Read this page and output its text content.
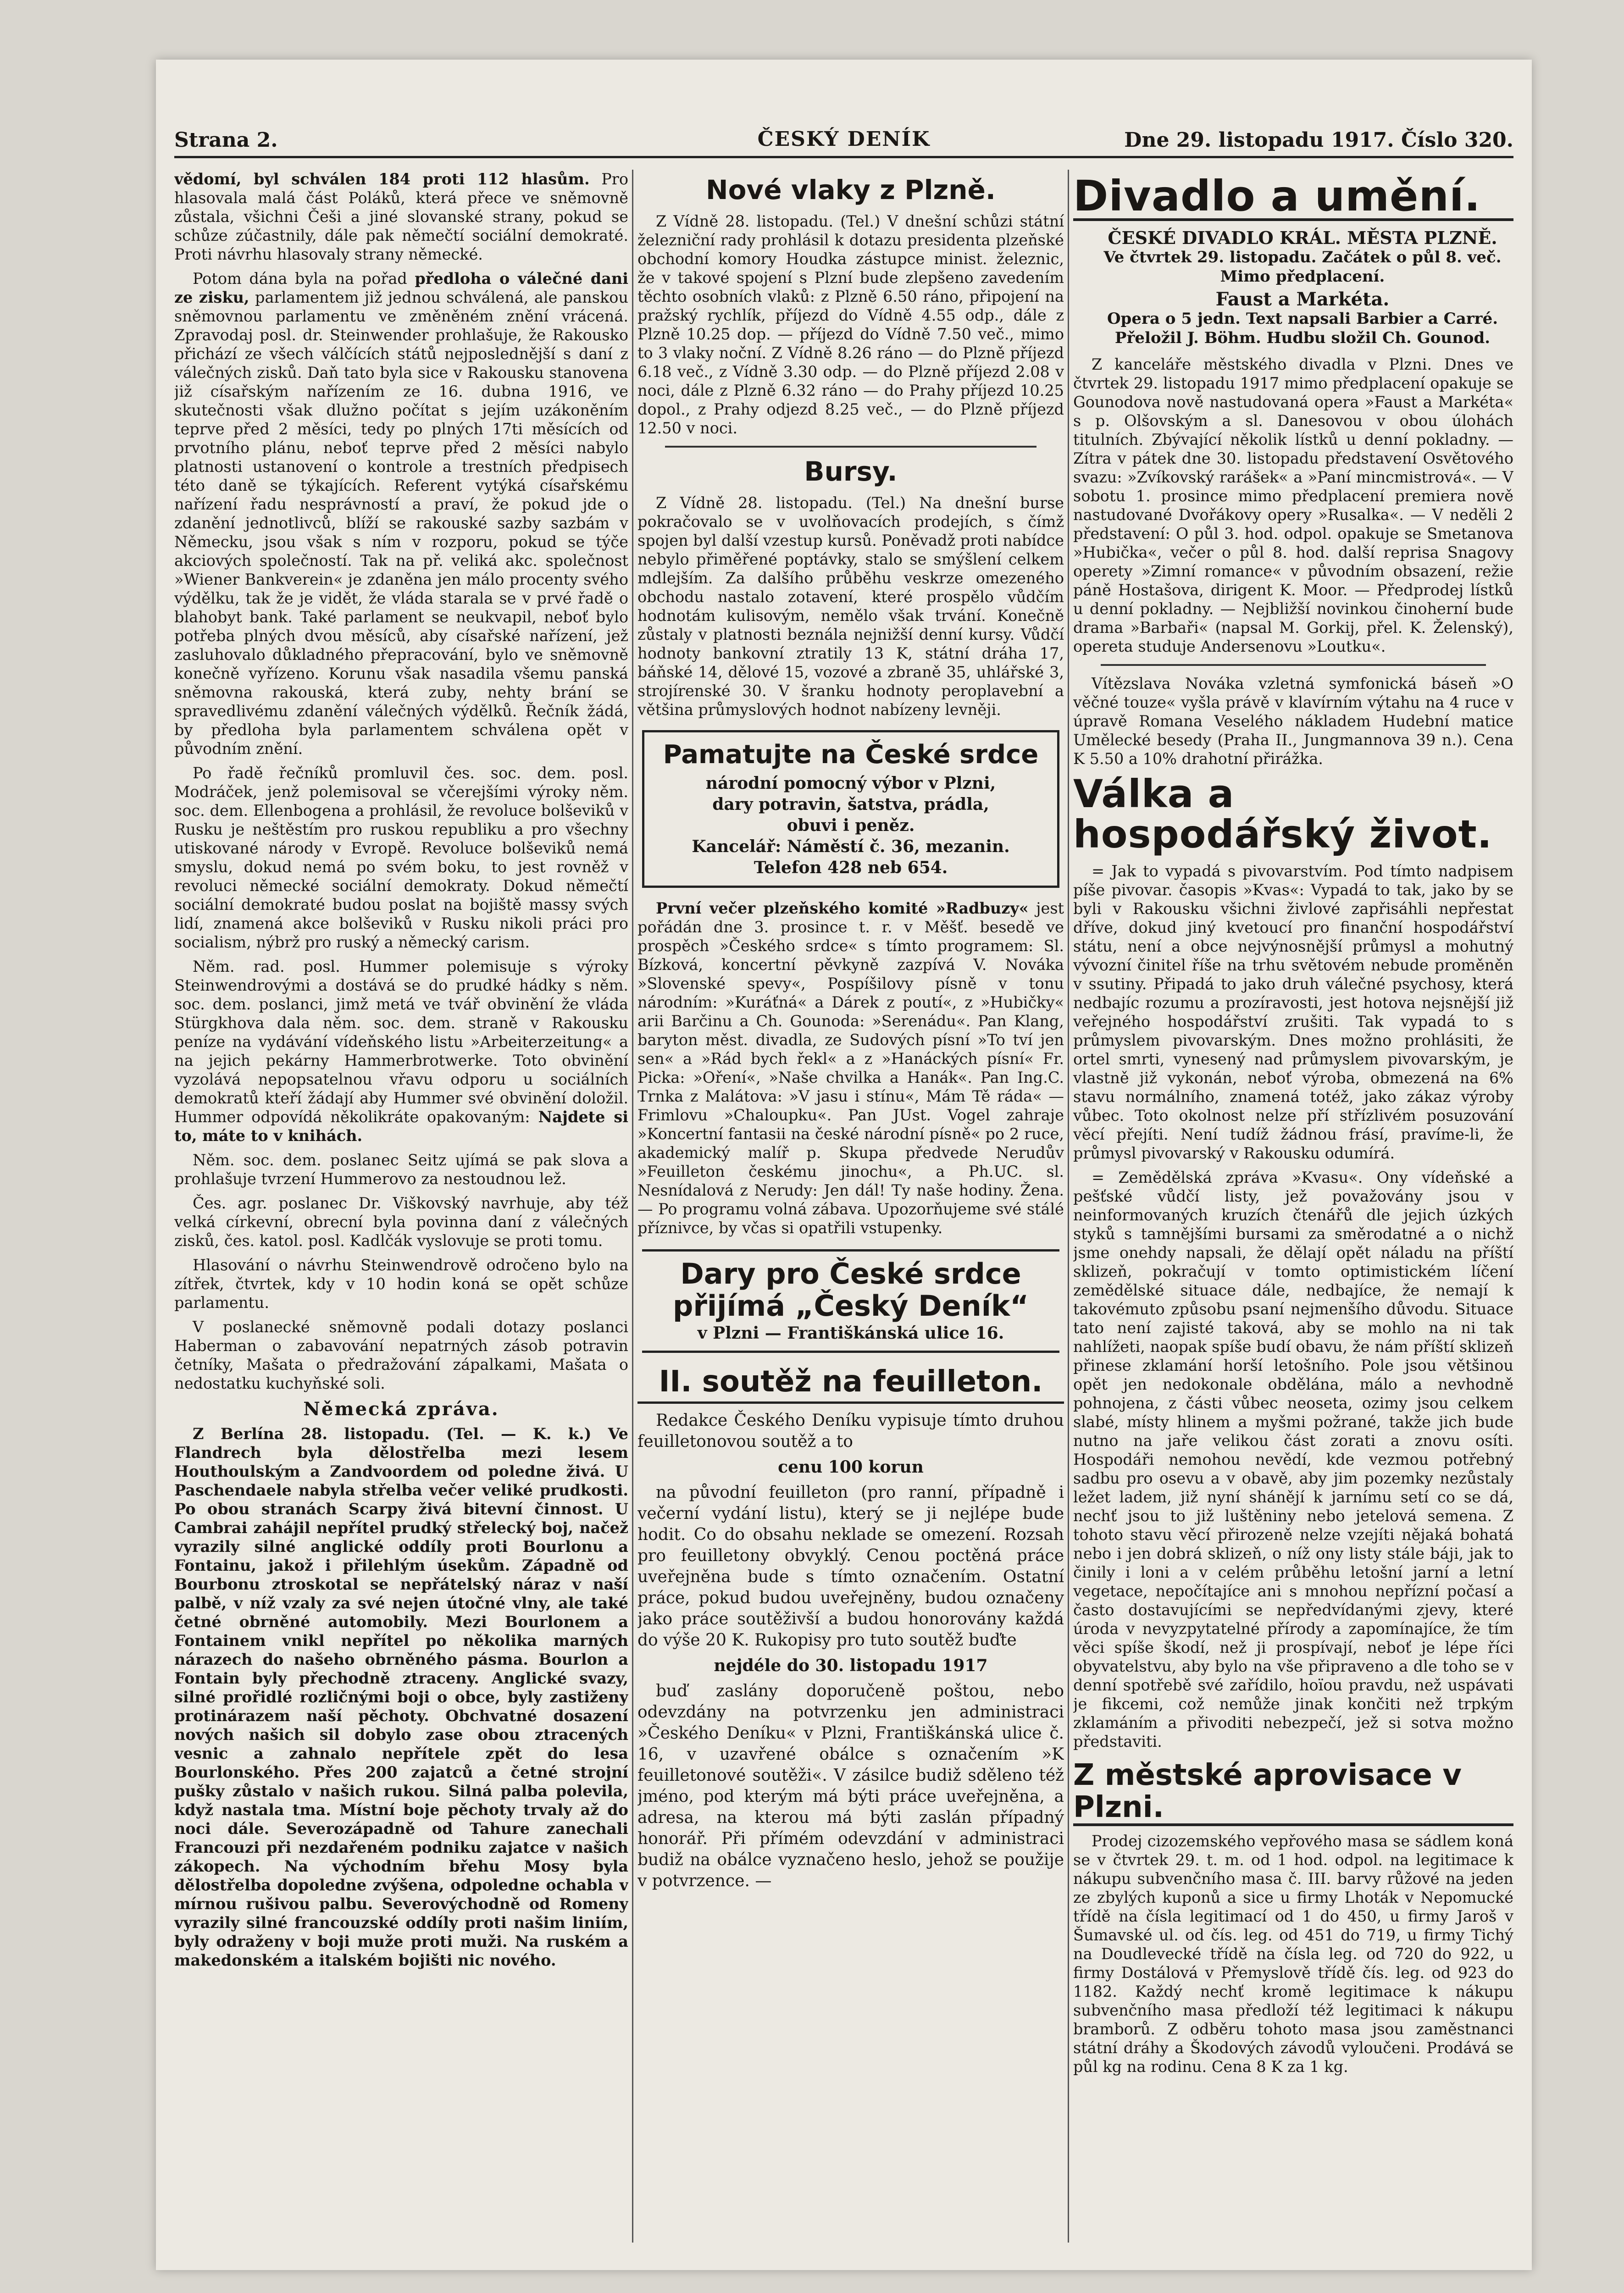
Strana 2.	ČESKÝ DENÍK	Dne 29. listopadu 1917. Číslo 320.

vědomí, byl schválen 184 proti 112 hlasům. Pro hlasovala malá část Poláků, která přece ve sněmovně zůstala, všichni Češi a jiné slovanské strany, pokud se schůze zúčastnily, dále pak němečtí sociální demokraté. Proti návrhu hlasovaly strany německé.

Potom dána byla na pořad předloha o válečné dani ze zisku, parlamentem již jednou schválená, ale panskou sněmovnou parlamentu ve změněném znění vrácená. Zpravodaj posl. dr. Steinwender prohlašuje, že Rakousko přichází ze všech válčících států nejposlednější s daní z válečných zisků. Daň tato byla sice v Rakousku stanovena již císařským nařízením ze 16. dubna 1916, ve skutečnosti však dlužno počítat s jejím uzákoněním teprve před 2 měsíci, tedy po plných 17ti měsících od prvotního plánu, neboť teprve před 2 měsíci nabylo platnosti ustanovení o kontrole a trestních předpisech této daně se týkajících. Referent vytýká císařskému nařízení řadu nesprávností a praví, že pokud jde o zdanění jednotlivců, blíží se rakouské sazby sazbám v Německu, jsou však s ním v rozporu, pokud se týče akciových společností. Tak na př. veliká akc. společnost »Wiener Bankverein« je zdaněna jen málo procenty svého výdělku, tak že je vidět, že vláda starala se v prvé řadě o blahobyt bank. Také parlament se neukvapil, neboť bylo potřeba plných dvou měsíců, aby císařské nařízení, jež zasluhovalo důkladného přepracování, bylo ve sněmovně konečně vyřízeno. Korunu však nasadila všemu panská sněmovna rakouská, která zuby, nehty brání se spravedlivému zdanění válečných výdělků. Řečník žádá, by předloha byla parlamentem schválena opět v původním znění.

Po řadě řečníků promluvil čes. soc. dem. posl. Modráček, jenž polemisoval se včerejšími výroky něm. soc. dem. Ellenbogena a prohlásil, že revoluce bolševiků v Rusku je neštěstím pro ruskou republiku a pro všechny utiskované národy v Evropě. Revoluce bolševiků nemá smyslu, dokud nemá po svém boku, to jest rovněž v revoluci německé sociální demokraty. Dokud němečtí sociální demokraté budou poslat na bojiště massy svých lidí, znamená akce bolševiků v Rusku nikoli práci pro socialism, nýbrž pro ruský a německý carism.

Něm. rad. posl. Hummer polemisuje s výroky Steinwendrovými a dostává se do prudké hádky s něm. soc. dem. poslanci, jimž metá ve tvář obvinění že vláda Stürgkhova dala něm. soc. dem. straně v Rakousku peníze na vydávání vídeňského listu »Arbeiterzeitung« a na jejich pekárny Hammerbrotwerke. Toto obvinění vyzolává nepopsatelnou vřavu odporu u sociálních demokratů kteří žádají aby Hummer své obvinění doložil. Hummer odpovídá několikráte opakovaným: Najdete si to, máte to v knihách.

Něm. soc. dem. poslanec Seitz ujímá se pak slova a prohlašuje tvrzení Hummerovo za nestoudnou lež.

Čes. agr. poslanec Dr. Viškovský navrhuje, aby též velká církevní, obrecní byla povinna daní z válečných zisků, čes. katol. posl. Kadlčák vyslovuje se proti tomu.

Hlasování o návrhu Steinwendrově odročeno bylo na zítřek, čtvrtek, kdy v 10 hodin koná se opět schůze parlamentu.

V poslanecké sněmovně podali dotazy poslanci Haberman o zabavování nepatrných zásob potravin četníky, Mašata o předražování zápalkami, Mašata o nedostatku kuchyňské soli.

Německá zpráva.

Z Berlína 28. listopadu. (Tel. — K. k.) Ve Flandrech byla dělostřelba mezi lesem Houthoulským a Zandvoordem od poledne živá. U Paschendaele nabyla střelba večer veliké prudkosti. Po obou stranách Scarpy živá bitevní činnost. U Cambrai zahájil nepřítel prudký střelecký boj, načež vyrazily silné anglické oddíly proti Bourlonu a Fontainu, jakož i přilehlým úsekům. Západně od Bourbonu ztroskotal se nepřátelský náraz v naší palbě, v níž vzaly za své nejen útočné vlny, ale také četné obrněné automobily. Mezi Bourlonem a Fontainem vnikl nepřítel po několika marných nárazech do našeho obrněného pásma. Bourlon a Fontain byly přechodně ztraceny. Anglické svazy, silné prořidlé rozličnými boji o obce, byly zastiženy protinárazem naší pěchoty. Obchvatné dosazení nových našich sil dobylo zase obou ztracených vesnic a zahnalo nepřítele zpět do lesa Bourlonského. Přes 200 zajatců a četné strojní pušky zůstalo v našich rukou. Silná palba polevila, když nastala tma. Místní boje pěchoty trvaly až do noci dále. Severozápadně od Tahure zanechali Francouzi při nezdařeném podniku zajatce v našich zákopech. Na východním břehu Mosy byla dělostřelba dopoledne zvýšena, odpoledne ochabla v mírnou rušivou palbu. Severovýchodně od Romeny vyrazily silné francouzské oddíly proti našim liniím, byly odraženy v boji muže proti muži. Na ruském a makedonském a italském bojišti nic nového.

Nové vlaky z Plzně.

Z Vídně 28. listopadu. (Tel.) V dnešní schůzi státní železniční rady prohlásil k dotazu presidenta plzeňské obchodní komory Houdka zástupce minist. železnic, že v takové spojení s Plzní bude zlepšeno zavedením těchto osobních vlaků: z Plzně 6.50 ráno, připojení na pražský rychlík, příjezd do Vídně 4.55 odp., dále z Plzně 10.25 dop. — příjezd do Vídně 7.50 več., mimo to 3 vlaky noční. Z Vídně 8.26 ráno — do Plzně příjezd 6.18 več., z Vídně 3.30 odp. — do Plzně příjezd 2.08 v noci, dále z Plzně 6.32 ráno — do Prahy příjezd 10.25 dopol., z Prahy odjezd 8.25 več., — do Plzně příjezd 12.50 v noci.

Bursy.

Z Vídně 28. listopadu. (Tel.) Na dnešní burse pokračovalo se v uvolňovacích prodejích, s čímž spojen byl další vzestup kursů. Poněvadž proti nabídce nebylo přiměřené poptávky, stalo se smýšlení celkem mdlejším. Za dalšího průběhu veskrze omezeného obchodu nastalo zotavení, které prospělo vůdčím hodnotám kulisovým, nemělo však trvání. Konečně zůstaly v platnosti beznála nejnižší denní kursy. Vůdčí hodnoty bankovní ztratily 13 K, státní dráha 17, báňské 14, dělové 15, vozové a zbraně 35, uhlářské 3, strojírenské 30. V šranku hodnoty peroplavební a většina průmyslových hodnot nabízeny levněji.

Pamatujte na České srdce
národní pomocný výbor v Plzni,
dary potravin, šatstva, prádla,
obuvi i peněz.
Kancelář: Náměstí č. 36, mezanin.
Telefon 428 neb 654.

První večer plzeňského komité »Radbuzy« jest pořádán dne 3. prosince t. r. v Měšť. besedě ve prospěch »Českého srdce« s tímto programem: Sl. Bízková, koncertní pěvkyně zazpívá V. Nováka »Slovenské spevy«, Pospíšilovy písně v tonu národním: »Kuráťná« a Dárek z poutí«, z »Hubičky« arii Barčinu a Ch. Gounoda: »Serenádu«. Pan Klang, baryton měst. divadla, ze Sudových písní »To tví jen sen« a »Rád bych řekl« a z »Hanáckých písní« Fr. Picka: »Oření«, »Naše chvilka a Hanák«. Pan Ing.C. Trnka z Malátova: »V jasu i stínu«, Mám Tě ráda« — Frimlovu »Chaloupku«. Pan JUst. Vogel zahraje »Koncertní fantasii na české národní písně« po 2 ruce, akademický malíř p. Skupa předvede Nerudův »Feuilleton českému jinochu«, a Ph.UC. sl. Nesnídalová z Nerudy: Jen dál! Ty naše hodiny. Žena. — Po programu volná zábava. Upozorňujeme své stálé příznivce, by včas si opatřili vstupenky.

Dary pro České srdce
přijímá „Český Deník“
v Plzni — Františkánská ulice 16.
II. soutěž na feuilleton.

Redakce Českého Deníku vypisuje tímto druhou feuilletonovou soutěž a to

cenu 100 korun

na původní feuilleton (pro ranní, případně i večerní vydání listu), který se ji nejlépe bude hodit. Co do obsahu neklade se omezení. Rozsah pro feuilletony obvyklý. Cenou poctěná práce uveřejněna bude s tímto označením. Ostatní práce, pokud budou uveřejněny, budou označeny jako práce soutěživší a budou honorovány každá do výše 20 K. Rukopisy pro tuto soutěž buďte

nejdéle do 30. listopadu 1917

buď zaslány doporučeně poštou, nebo odevzdány na potvrzenku jen administraci »Českého Deníku« v Plzni, Františkánská ulice č. 16, v uzavřené obálce s označením »K feuilletonové soutěži«. V zásilce budiž sděleno též jméno, pod kterým má býti práce uveřejněna, a adresa, na kterou má býti zaslán případný honorář. Při přímém odevzdání v administraci budiž na obálce vyznačeno heslo, jehož se použije v potvrzence. —

Divadlo a umění.

ČESKÉ DIVADLO KRÁL. MĚSTA PLZNĚ.

Ve čtvrtek 29. listopadu. Začátek o půl 8. več.

Mimo předplacení.

Faust a Markéta.

Opera o 5 jedn. Text napsali Barbier a Carré.

Přeložil J. Böhm. Hudbu složil Ch. Gounod.

Z kanceláře městského divadla v Plzni. Dnes ve čtvrtek 29. listopadu 1917 mimo předplacení opakuje se Gounodova nově nastudovaná opera »Faust a Markéta« s p. Olšovským a sl. Danesovou v obou úlohách titulních. Zbývající několik lístků u denní pokladny. — Zítra v pátek dne 30. listopadu představení Osvětového svazu: »Zvíkovský rarášek« a »Paní mincmistrová«. — V sobotu 1. prosince mimo předplacení premiera nově nastudované Dvořákovy opery »Rusalka«. — V neděli 2 představení: O půl 3. hod. odpol. opakuje se Smetanova »Hubička«, večer o půl 8. hod. další reprisa Snagovy operety »Zimní romance« v původním obsazení, režie páně Hostašova, dirigent K. Moor. — Předprodej lístků u denní pokladny. — Nejbližší novinkou činoherní bude drama »Barbaři« (napsal M. Gorkij, přel. K. Želenský), opereta studuje Andersenovu »Loutku«.

Vítězslava Nováka vzletná symfonická báseň »O věčné touze« vyšla právě v klavírním výtahu na 4 ruce v úpravě Romana Veselého nákladem Hudební matice Umělecké besedy (Praha II., Jungmannova 39 n.). Cena K 5.50 a 10% drahotní přirážka.

Válka a hospodářský život.

= Jak to vypadá s pivovarstvím. Pod tímto nadpisem píše pivovar. časopis »Kvas«: Vypadá to tak, jako by se byli v Rakousku všichni živlové zapřisáhli nepřestat dříve, dokud jiný kvetoucí pro finanční hospodářství státu, není a obce nejvýnosnější průmysl a mohutný vývozní činitel říše na trhu světovém nebude proměněn v ssutiny. Připadá to jako druh válečné psychosy, která nedbajíc rozumu a prozíravosti, jest hotova nejsnější již veřejného hospodářství zrušiti. Tak vypadá to s průmyslem pivovarským. Dnes možno prohlásiti, že ortel smrti, vynesený nad průmyslem pivovarským, je vlastně již vykonán, neboť výroba, obmezená na 6% stavu normálního, znamená totéž, jako zákaz výroby vůbec. Toto okolnost nelze pří střízlivém posuzování věcí přejíti. Není tudíž žádnou frásí, pravíme-li, že průmysl pivovarský v Rakousku odumírá.

= Zemědělská zpráva »Kvasu«. Ony vídeňské a pešťské vůdčí listy, jež považovány jsou v neinformovaných kruzích čtenářů dle jejich úzkých styků s tamnějšími bursami za směrodatné a o nichž jsme onehdy napsali, že dělají opět náladu na příští sklizeň, pokračují v tomto optimistickém líčení zemědělské situace dále, nedbajíce, že nemají k takovémuto způsobu psaní nejmenšího důvodu. Situace tato není zajisté taková, aby se mohlo na ni tak nahlížeti, naopak spíše budí obavu, že nám příští sklizeň přinese zklamání horší letošního. Pole jsou většinou opět jen nedokonale obdělána, málo a nevhodně pohnojena, z části vůbec neoseta, ozimy jsou celkem slabé, místy hlinem a myšmi požrané, takže jich bude nutno na jaře velikou část zorati a znovu osíti. Hospodáři nemohou nevědí, kde vezmou potřebný sadbu pro osevu a v obavě, aby jim pozemky nezůstaly ležet ladem, již nyní shánějí k jarnímu setí co se dá, nechť jsou to již luštěniny nebo jetelová semena. Z tohoto stavu věcí přirozeně nelze vzejíti nějaká bohatá nebo i jen dobrá sklizeň, o níž ony listy stále báji, jak to činily i loni a v celém průběhu letošní jarní a letní vegetace, nepočítajíce ani s mnohou nepřízní počasí a často dostavujícími se nepředvídanými zjevy, které úroda v nevyzpytatelné přírody a zapomínajíce, že tím věci spíše škodí, než ji prospívají, neboť je lépe říci obyvatelstvu, aby bylo na vše připraveno a dle toho se v denní spotřebě své zařídilo, hoïou pravdu, než uspávati je fikcemi, což nemůže jinak končiti než trpkým zklamáním a přivoditi nebezpečí, jež si sotva možno představiti.

Z městské aprovisace v Plzni.

Prodej cizozemského vepřového masa se sádlem koná se v čtvrtek 29. t. m. od 1 hod. odpol. na legitimace k nákupu subvenčního masa č. III. barvy růžové na jeden ze zbylých kuponů a sice u firmy Lhoták v Nepomucké třídě na čísla legitimací od 1 do 450, u firmy Jaroš v Šumavské ul. od čís. leg. od 451 do 719, u firmy Tichý na Doudlevecké třídě na čísla leg. od 720 do 922, u firmy Dostálová v Přemyslově třídě čís. leg. od 923 do 1182. Každý nechť kromě legitimace k nákupu subvenčního masa předloží též legitimaci k nákupu bramborů. Z odběru tohoto masa jsou zaměstnanci státní dráhy a Škodových závodů vyloučeni. Prodává se půl kg na rodinu. Cena 8 K za 1 kg.
